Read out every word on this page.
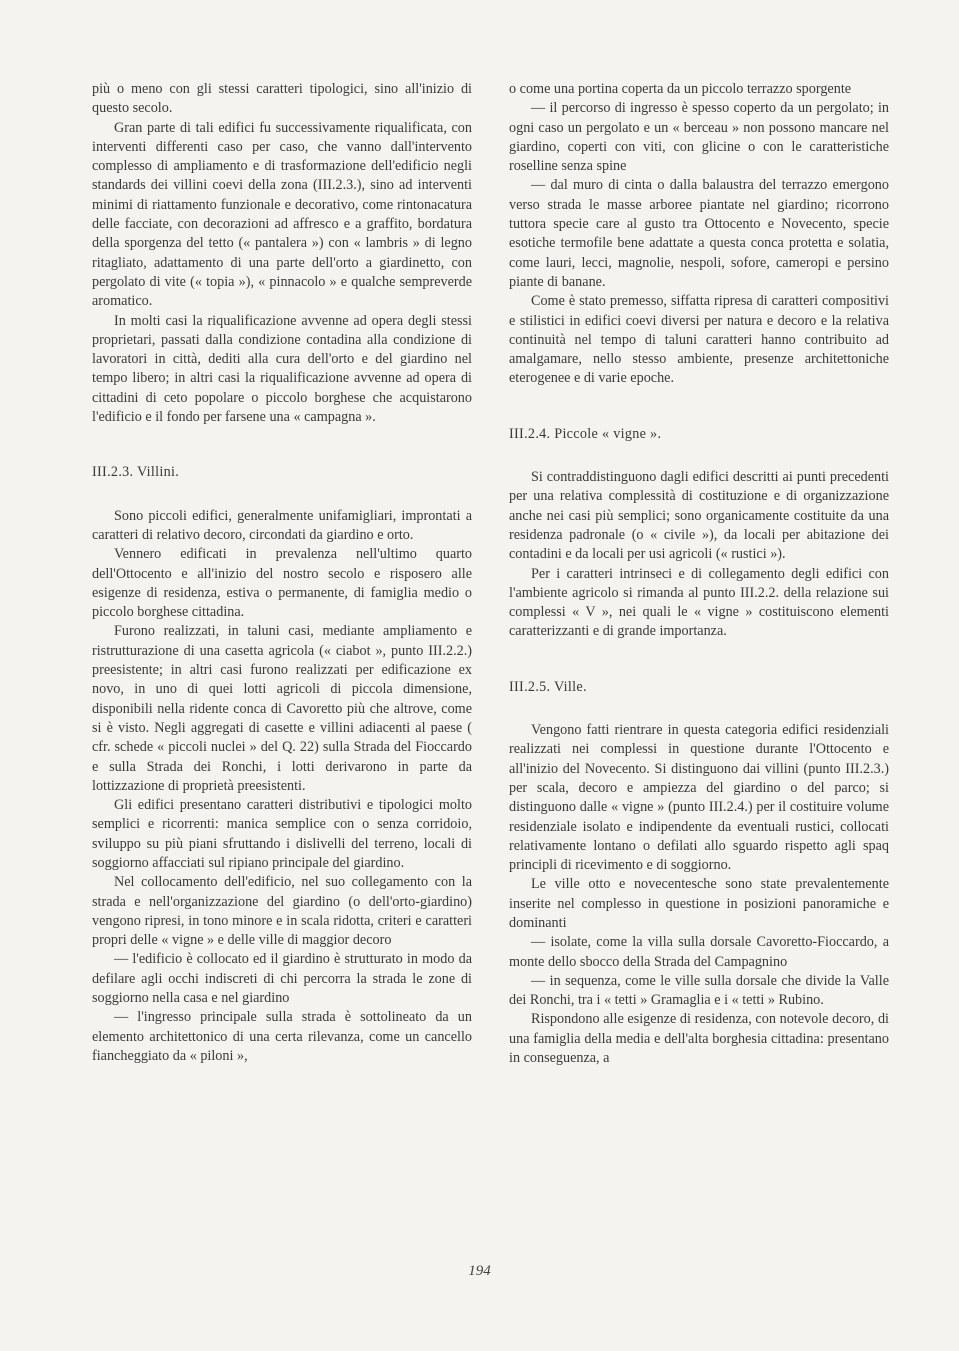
più o meno con gli stessi caratteri tipologici, sino all'inizio di questo secolo.

Gran parte di tali edifici fu successivamente riqualificata, con interventi differenti caso per caso, che vanno dall'intervento complesso di ampliamento e di trasformazione dell'edificio negli standards dei villini coevi della zona (III.2.3.), sino ad interventi minimi di riattamento funzionale e decorativo, come rintonacatura delle facciate, con decorazioni ad affresco e a graffito, bordatura della sporgenza del tetto (« pantalera ») con « lambris » di legno ritagliato, adattamento di una parte dell'orto a giardinetto, con pergolato di vite (« topia »), « pinnacolo » e qualche sempreverde aromatico.

In molti casi la riqualificazione avvenne ad opera degli stessi proprietari, passati dalla condizione contadina alla condizione di lavoratori in città, dediti alla cura dell'orto e del giardino nel tempo libero; in altri casi la riqualificazione avvenne ad opera di cittadini di ceto popolare o piccolo borghese che acquistarono l'edificio e il fondo per farsene una « campagna ».

III.2.3. Villini.

Sono piccoli edifici, generalmente unifamigliari, improntati a caratteri di relativo decoro, circondati da giardino e orto.

Vennero edificati in prevalenza nell'ultimo quarto dell'Ottocento e all'inizio del nostro secolo e risposero alle esigenze di residenza, estiva o permanente, di famiglia medio o piccolo borghese cittadina.

Furono realizzati, in taluni casi, mediante ampliamento e ristrutturazione di una casetta agricola (« ciabot », punto III.2.2.) preesistente; in altri casi furono realizzati per edificazione ex novo, in uno di quei lotti agricoli di piccola dimensione, disponibili nella ridente conca di Cavoretto più che altrove, come si è visto. Negli aggregati di casette e villini adiacenti al paese ( cfr. schede « piccoli nuclei » del Q. 22) sulla Strada del Fioccardo e sulla Strada dei Ronchi, i lotti derivarono in parte da lottizzazione di proprietà preesistenti.

Gli edifici presentano caratteri distributivi e tipologici molto semplici e ricorrenti: manica semplice con o senza corridoio, sviluppo su più piani sfruttando i dislivelli del terreno, locali di soggiorno affacciati sul ripiano principale del giardino.

Nel collocamento dell'edificio, nel suo collegamento con la strada e nell'organizzazione del giardino (o dell'orto-giardino) vengono ripresi, in tono minore e in scala ridotta, criteri e caratteri propri delle « vigne » e delle ville di maggior decoro

— l'edificio è collocato ed il giardino è strutturato in modo da defilare agli occhi indiscreti di chi percorra la strada le zone di soggiorno nella casa e nel giardino

— l'ingresso principale sulla strada è sottolineato da un elemento architettonico di una certa rilevanza, come un cancello fiancheggiato da « piloni »,

o come una portina coperta da un piccolo terrazzo sporgente

— il percorso di ingresso è spesso coperto da un pergolato; in ogni caso un pergolato e un « berceau » non possono mancare nel giardino, coperti con viti, con glicine o con le caratteristiche roselline senza spine

— dal muro di cinta o dalla balaustra del terrazzo emergono verso strada le masse arboree piantate nel giardino; ricorrono tuttora specie care al gusto tra Ottocento e Novecento, specie esotiche termofile bene adattate a questa conca protetta e solatia, come lauri, lecci, magnolie, nespoli, sofore, cameropi e persino piante di banane.

Come è stato premesso, siffatta ripresa di caratteri compositivi e stilistici in edifici coevi diversi per natura e decoro e la relativa continuità nel tempo di taluni caratteri hanno contribuito ad amalgamare, nello stesso ambiente, presenze architettoniche eterogenee e di varie epoche.

III.2.4. Piccole « vigne ».

Si contraddistinguono dagli edifici descritti ai punti precedenti per una relativa complessità di costituzione e di organizzazione anche nei casi più semplici; sono organicamente costituite da una residenza padronale (o « civile »), da locali per abitazione dei contadini e da locali per usi agricoli (« rustici »).

Per i caratteri intrinseci e di collegamento degli edifici con l'ambiente agricolo si rimanda al punto III.2.2. della relazione sui complessi « V », nei quali le « vigne » costituiscono elementi caratterizzanti e di grande importanza.

III.2.5. Ville.

Vengono fatti rientrare in questa categoria edifici residenziali realizzati nei complessi in questione durante l'Ottocento e all'inizio del Novecento. Si distinguono dai villini (punto III.2.3.) per scala, decoro e ampiezza del giardino o del parco; si distinguono dalle « vigne » (punto III.2.4.) per il costituire volume residenziale isolato e indipendente da eventuali rustici, collocati relativamente lontano o defilati allo sguardo rispetto agli spaq principli di ricevimento e di soggiorno.

Le ville otto e novecentesche sono state prevalentemente inserite nel complesso in questione in posizioni panoramiche e dominanti

— isolate, come la villa sulla dorsale Cavoretto-Fioccardo, a monte dello sbocco della Strada del Campagnino

— in sequenza, come le ville sulla dorsale che divide la Valle dei Ronchi, tra i « tetti » Gramaglia e i « tetti » Rubino.

Rispondono alle esigenze di residenza, con notevole decoro, di una famiglia della media e dell'alta borghesia cittadina: presentano in conseguenza, a

194
